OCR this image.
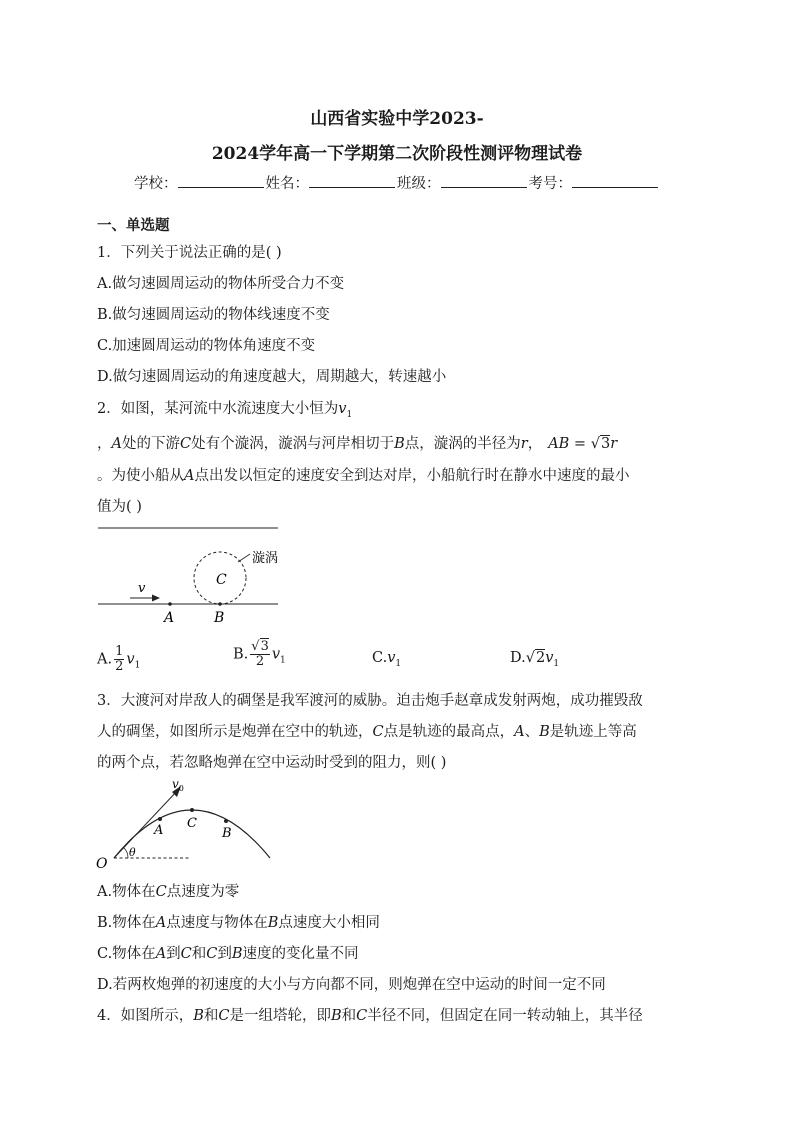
山西省实验中学2023-
2024学年高一下学期第二次阶段性测评物理试卷
学校：	姓名：	班级：	考号：
一、单选题
1．下列关于说法正确的是( )
A.做匀速圆周运动的物体所受合力不变
B.做匀速圆周运动的物体线速度不变
C.加速圆周运动的物体角速度不变
D.做匀速圆周运动的角速度越大，周期越大，转速越小
2．如图，某河流中水流速度大小恒为$v_1$
，A处的下游C处有个漩涡，漩涡与河岸相切于B点，漩涡的半径为r， AB = √3r
。为使小船从A点出发以恒定的速度安全到达对岸，小船航行时在静水中速度的最小
值为( )
漩涡
C
v
A	B
A. $\frac{1}{2} v_1$
B. $\frac{√3}{2} v_1$	$C.v_1$	$D.√2v_1$
3．大渡河对岸敌人的碉堡是我军渡河的威胁。迫击炮手赵章成发射两炮，成功摧毁敌
人的碉堡，如图所示是炮弹在空中的轨迹，C点是轨迹的最高点，A、B是轨迹上等高
的两个点，若忽略炮弹在空中运动时受到的阻力，则( )
$v_0$
A C
B
O
θ
A.物体在C点速度为零
B.物体在A点速度与物体在B点速度大小相同
C.物体在A到C和C到B速度的变化量不同
D.若两枚炮弹的初速度的大小与方向都不同，则炮弹在空中运动的时间一定不同
4．如图所示，B和C是一组塔轮，即B和C半径不同，但固定在同一转动轴上，其半径
